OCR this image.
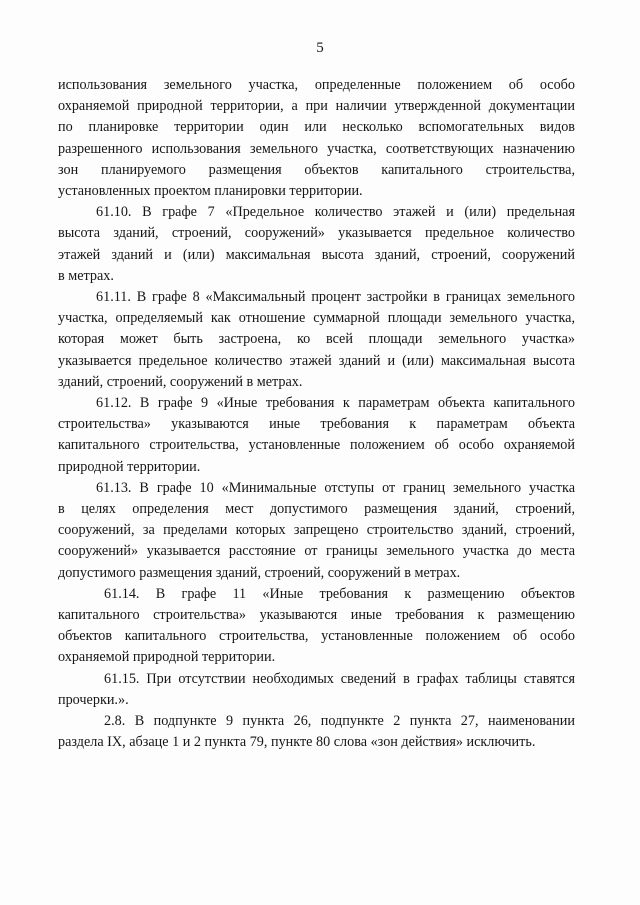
5

использования земельного участка, определенные положением об особо
охраняемой природной территории, а при наличии утвержденной документации
по планировке территории один или несколько вспомогательных видов
разрешенного использования земельного участка, соответствующих назначению
зон планируемого размещения объектов капитального строительства,
установленных проектом планировки территории.

61.10. В графе 7 «Предельное количество этажей и (или) предельная
высота зданий, строений, сооружений» указывается предельное количество
этажей зданий и (или) максимальная высота зданий, строений, сооружений
в метрах.

61.11. В графе 8 «Максимальный процент застройки в границах земельного
участка, определяемый как отношение суммарной площади земельного участка,
которая может быть застроена, ко всей площади земельного участка»
указывается предельное количество этажей зданий и (или) максимальная высота
зданий, строений, сооружений в метрах.

61.12. В графе 9 «Иные требования к параметрам объекта капитального
строительства» указываются иные требования к параметрам объекта
капитального строительства, установленные положением об особо охраняемой
природной территории.

61.13. В графе 10 «Минимальные отступы от границ земельного участка
в целях определения мест допустимого размещения зданий, строений,
сооружений, за пределами которых запрещено строительство зданий, строений,
сооружений» указывается расстояние от границы земельного участка до места
допустимого размещения зданий, строений, сооружений в метрах.

61.14. В графе 11 «Иные требования к размещению объектов
капитального строительства» указываются иные требования к размещению
объектов капитального строительства, установленные положением об особо
охраняемой природной территории.

61.15. При отсутствии необходимых сведений в графах таблицы ставятся
прочерки.».

2.8. В подпункте 9 пункта 26, подпункте 2 пункта 27, наименовании
раздела IX, абзаце 1 и 2 пункта 79, пункте 80 слова «зон действия» исключить.
